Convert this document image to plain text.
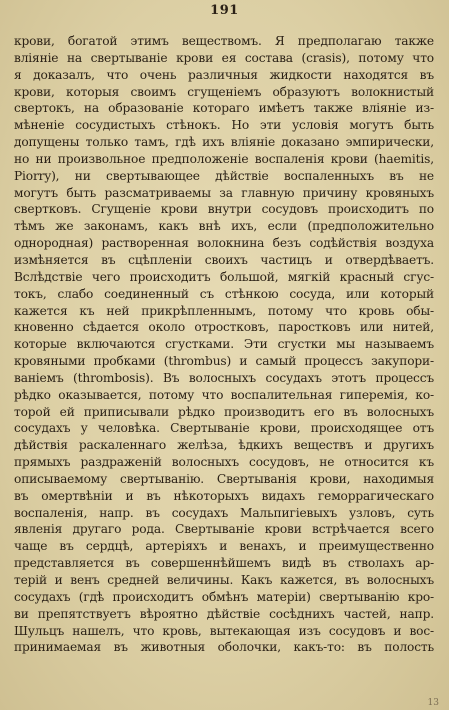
191
крови, богатой этимъ веществомъ. Я предполагаю также
вліяніе на свертываніе крови ея состава (crasis), потому что
я доказалъ, что очень различныя жидкости находятся въ
крови, которыя своимъ сгущеніемъ образуютъ волокнистый
свертокъ, на образованіе котораго имѣетъ также вліяніе из-
мѣненіе сосудистыхъ стѣнокъ. Но эти условія могутъ быть
допущены только тамъ, гдѣ ихъ вліяніе доказано эмпирически,
но ни произвольное предположеніе воспаленія крови (haemitis,
Piorry), ни свертывающее дѣйствіе воспаленныхъ въ не
могутъ быть разсматриваемы за главную причину кровяныхъ
свертковъ. Сгущеніе крови внутри сосудовъ происходитъ по
тѣмъ же законамъ, какъ внѣ ихъ, если (предположительно
однородная) растворенная волокнина безъ содѣйствія воздуха
измѣняется въ сцѣпленіи своихъ частицъ и отвердѣваетъ.
Вслѣдствіе чего происходитъ большой, мягкій красный сгус-
токъ, слабо соединенный съ стѣнкою сосуда, или который
кажется къ ней прикрѣпленнымъ, потому что кровь обы-
кновенно сѣдается около отростковъ, паростковъ или нитей,
которые включаются сгустками. Эти сгустки мы называемъ
кровяными пробками (thrombus) и самый процессъ закупори-
ваніемъ (thrombosis). Въ волосныхъ сосудахъ этотъ процессъ
рѣдко оказывается, потому что воспалительная гиперемія, ко-
торой ей приписывали рѣдко производитъ его въ волосныхъ
сосудахъ у человѣка. Свертываніе крови, происходящее отъ
дѣйствія раскаленнаго желѣза, ѣдкихъ веществъ и другихъ
прямыхъ раздраженій волосныхъ сосудовъ, не относится къ
описываемому свертыванію. Свертыванія крови, находимыя
въ омертвѣніи и въ нѣкоторыхъ видахъ геморрагическаго
воспаленія, напр. въ сосудахъ Мальпигіевыхъ узловъ, суть
явленія другаго рода. Свертываніе крови встрѣчается всего
чаще въ сердцѣ, артеріяхъ и венахъ, и преимущественно
представляется въ совершеннѣйшемъ видѣ въ стволахъ ар-
терій и венъ средней величины. Какъ кажется, въ волосныхъ
сосудахъ (гдѣ происходитъ обмѣнъ матеріи) свертыванію кро-
ви препятствуетъ вѣроятно дѣйствіе сосѣднихъ частей, напр.
Шульцъ нашелъ, что кровь, вытекающая изъ сосудовъ и вос-
принимаемая въ животныя оболочки, какъ-то: въ полость
13
